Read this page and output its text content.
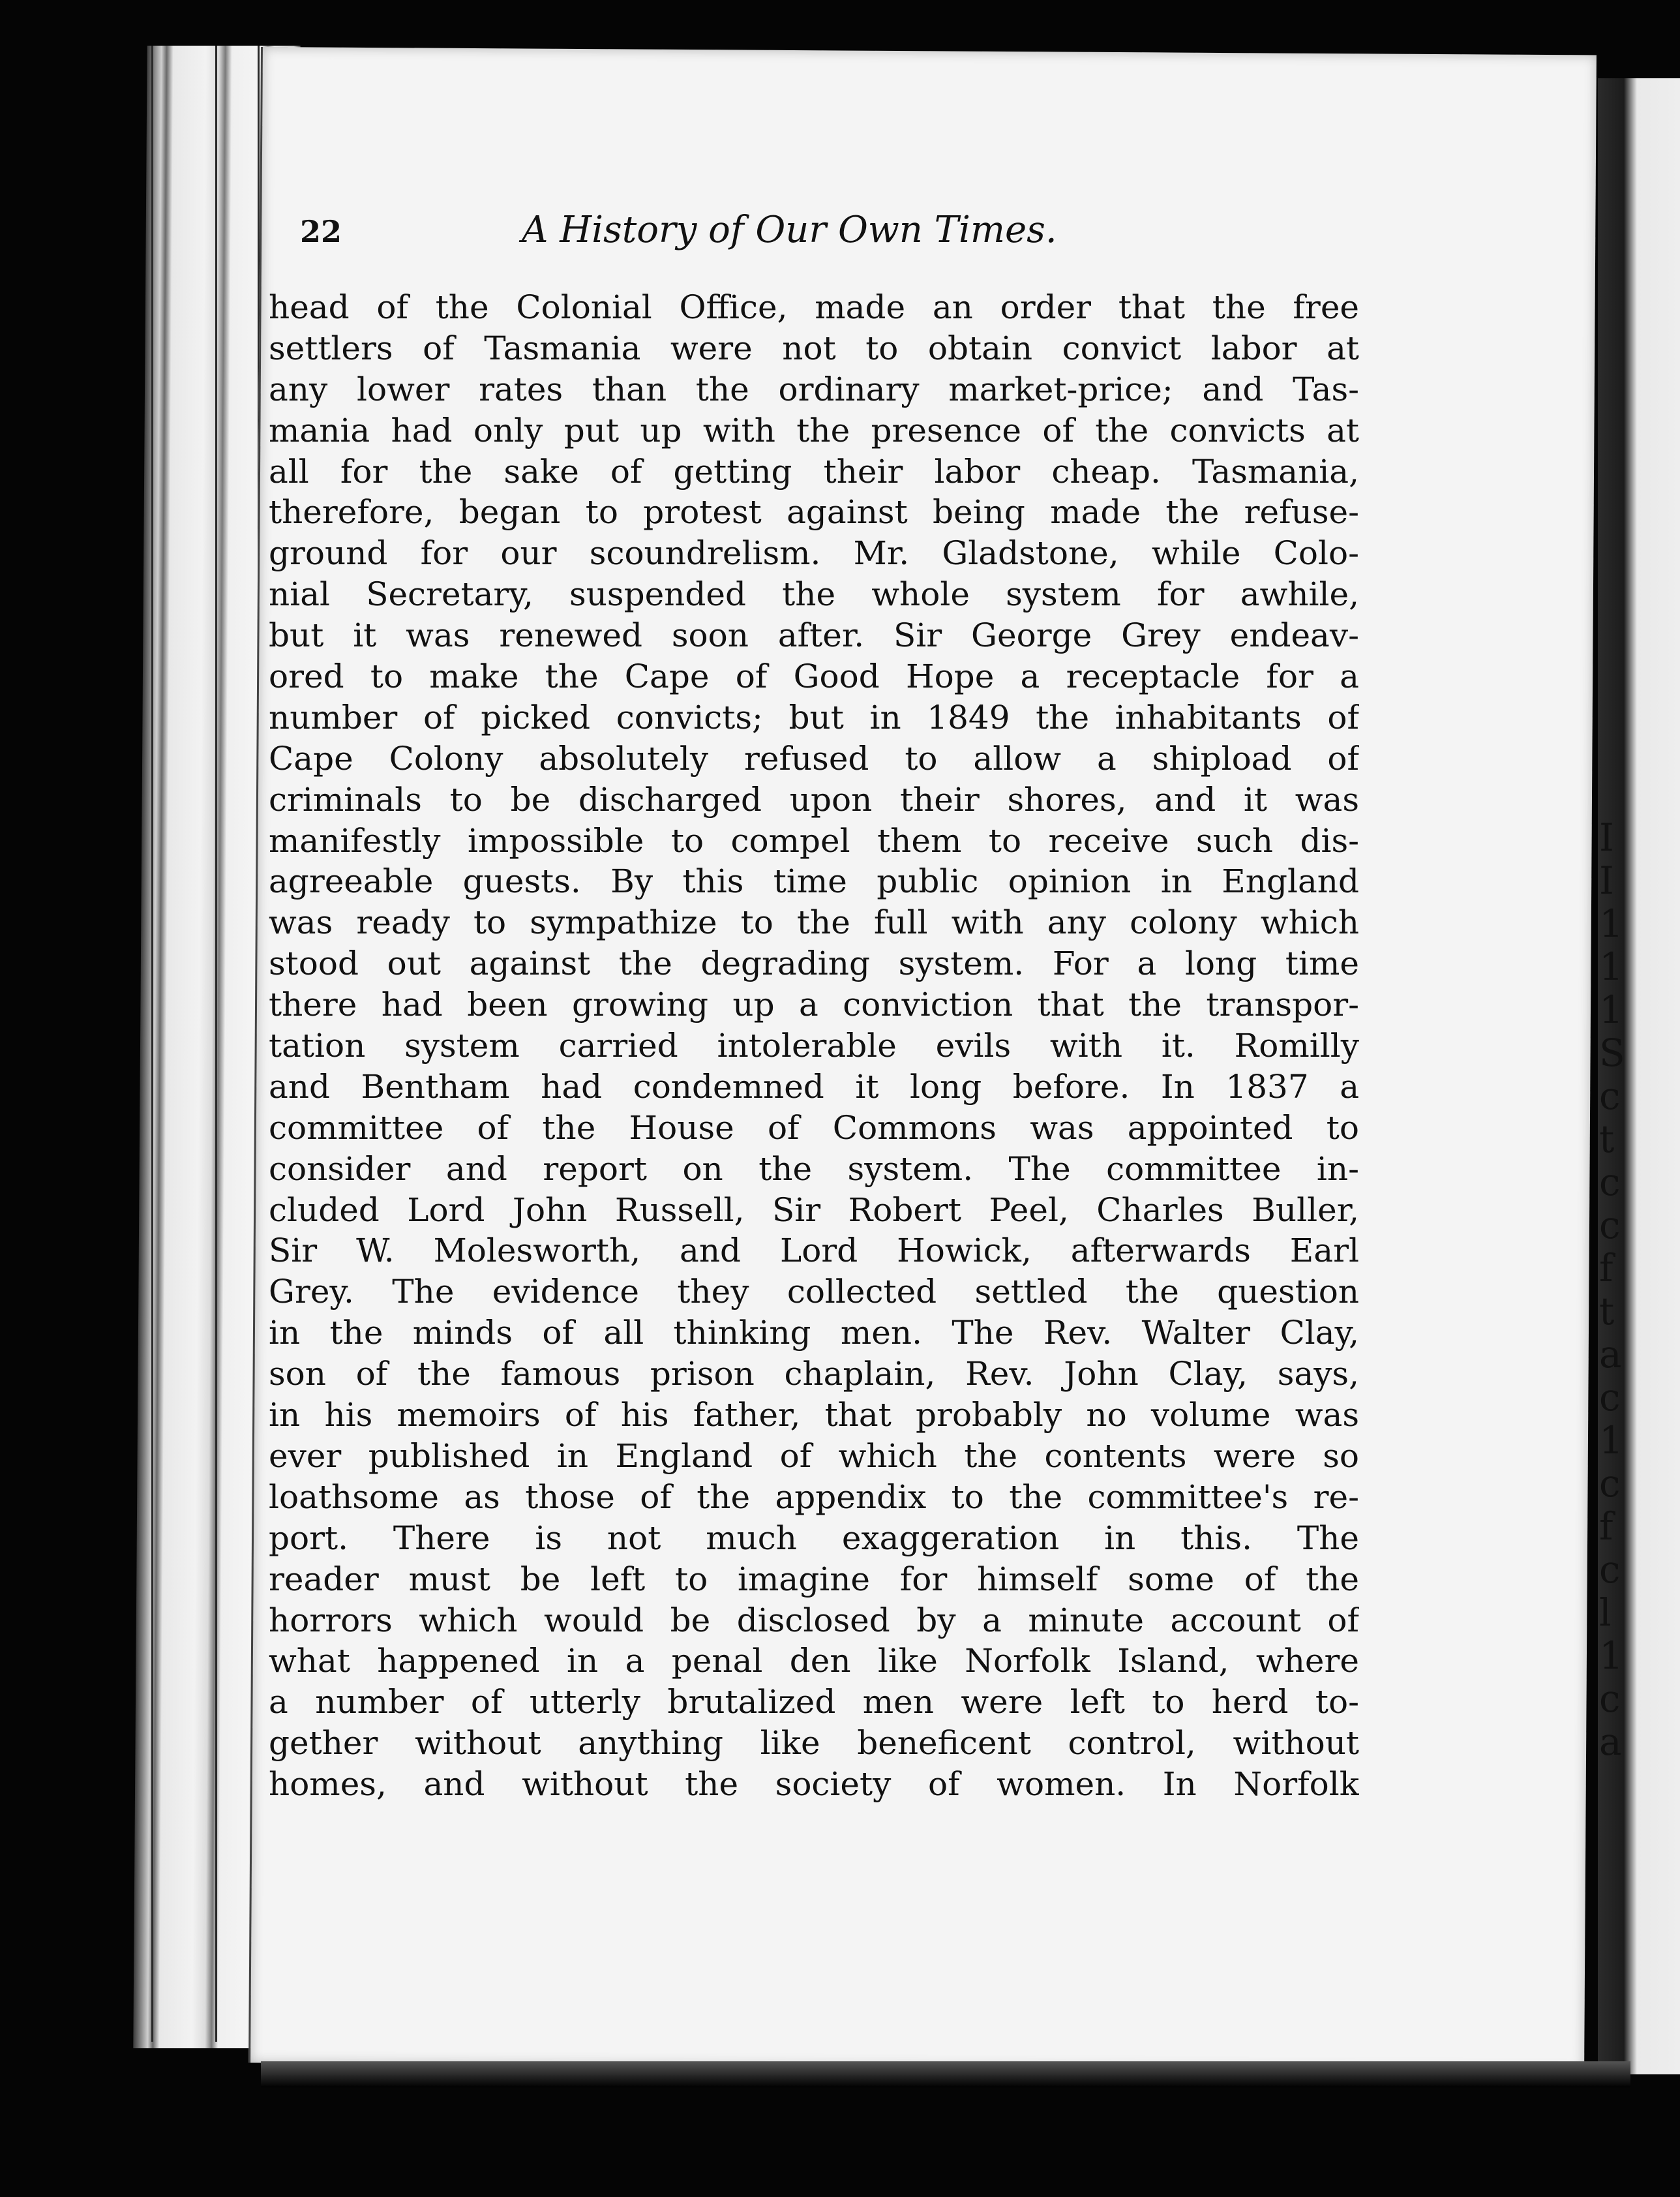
I
I
1
1
1
S
c
t
c
c
f
t
a
c
1
c
f
c
l
1
c
a
22	A History of Our Own Times.
head of the Colonial Office, made an order that the free
settlers of Tasmania were not to obtain convict labor at
any lower rates than the ordinary market-price; and Tas-
mania had only put up with the presence of the convicts at
all for the sake of getting their labor cheap. Tasmania,
therefore, began to protest against being made the refuse-
ground for our scoundrelism. Mr. Gladstone, while Colo-
nial Secretary, suspended the whole system for awhile,
but it was renewed soon after. Sir George Grey endeav-
ored to make the Cape of Good Hope a receptacle for a
number of picked convicts; but in 1849 the inhabitants of
Cape Colony absolutely refused to allow a shipload of
criminals to be discharged upon their shores, and it was
manifestly impossible to compel them to receive such dis-
agreeable guests. By this time public opinion in England
was ready to sympathize to the full with any colony which
stood out against the degrading system. For a long time
there had been growing up a conviction that the transpor-
tation system carried intolerable evils with it. Romilly
and Bentham had condemned it long before. In 1837 a
committee of the House of Commons was appointed to
consider and report on the system. The committee in-
cluded Lord John Russell, Sir Robert Peel, Charles Buller,
Sir W. Molesworth, and Lord Howick, afterwards Earl
Grey. The evidence they collected settled the question
in the minds of all thinking men. The Rev. Walter Clay,
son of the famous prison chaplain, Rev. John Clay, says,
in his memoirs of his father, that probably no volume was
ever published in England of which the contents were so
loathsome as those of the appendix to the committee's re-
port. There is not much exaggeration in this. The
reader must be left to imagine for himself some of the
horrors which would be disclosed by a minute account of
what happened in a penal den like Norfolk Island, where
a number of utterly brutalized men were left to herd to-
gether without anything like beneficent control, without
homes, and without the society of women. In Norfolk
